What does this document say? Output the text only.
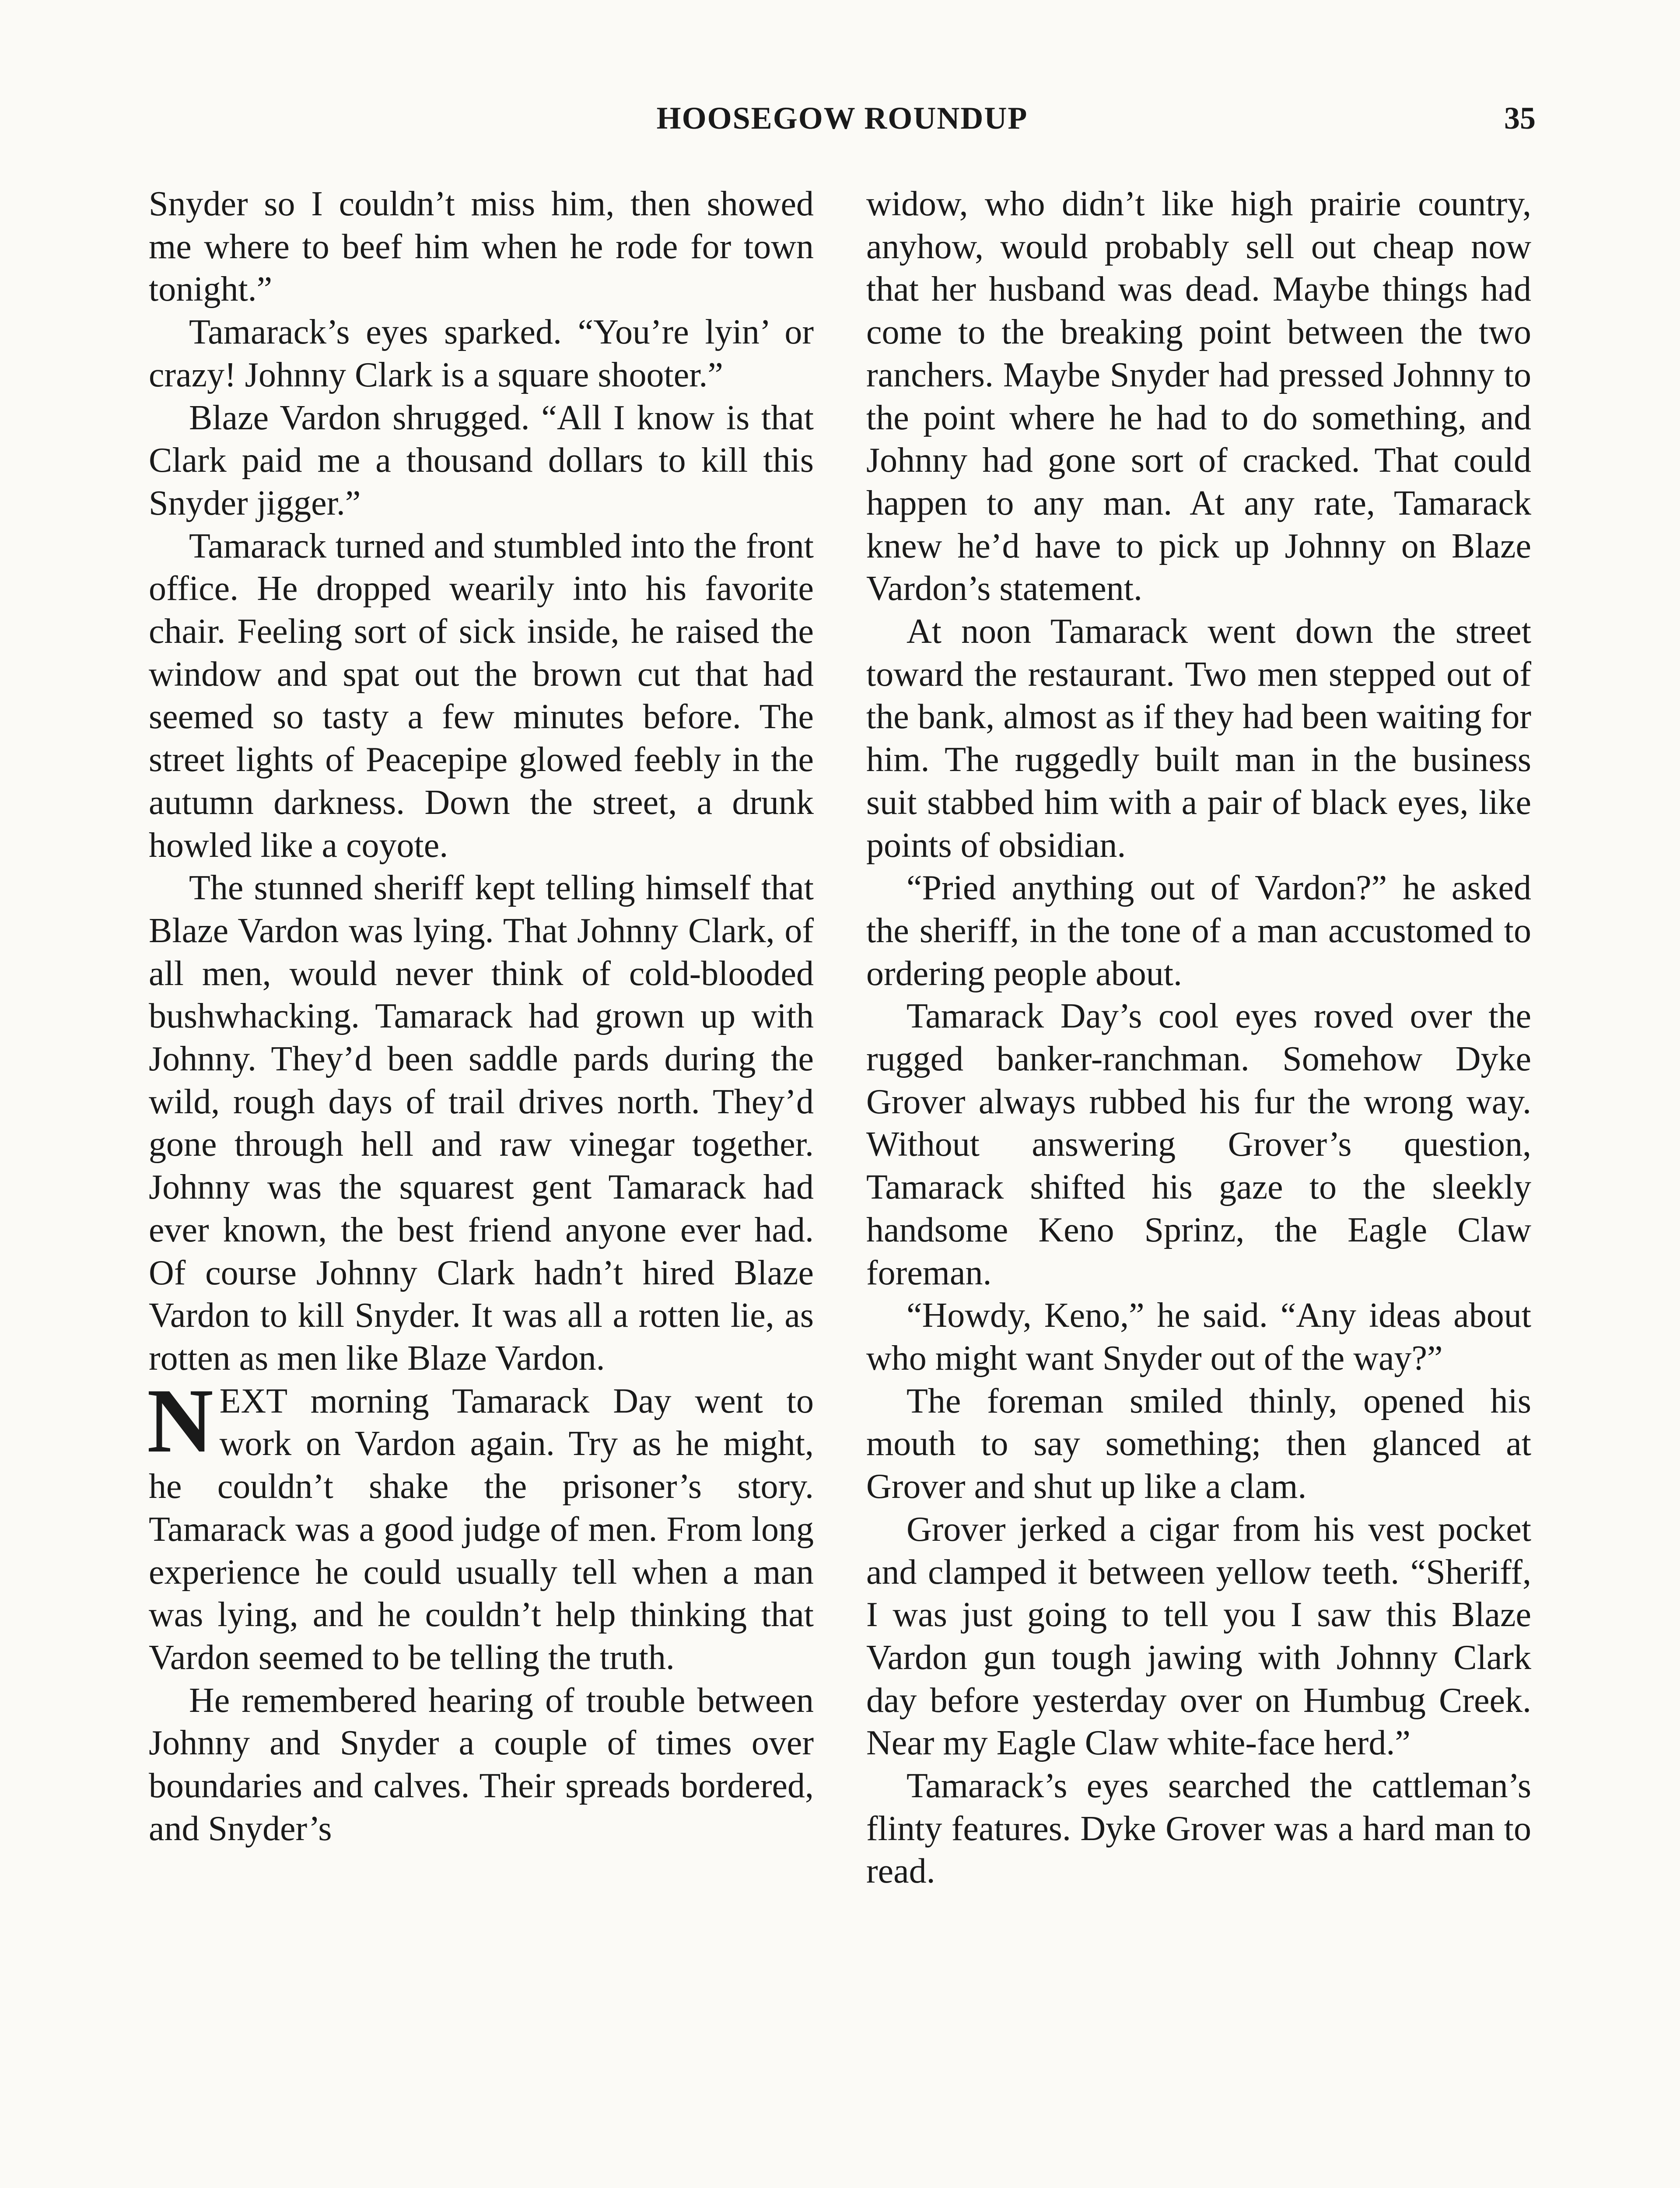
HOOSEGOW ROUNDUP	35

Snyder so I couldn’t miss him, then showed me where to beef him when he rode for town tonight.”

Tamarack’s eyes sparked. “You’re lyin’ or crazy! Johnny Clark is a square shooter.”

Blaze Vardon shrugged. “All I know is that Clark paid me a thousand dollars to kill this Snyder jigger.”

Tamarack turned and stumbled into the front office. He dropped wearily into his favorite chair. Feeling sort of sick inside, he raised the window and spat out the brown cut that had seemed so tasty a few minutes before. The street lights of Peacepipe glowed feebly in the autumn darkness. Down the street, a drunk howled like a coyote.

The stunned sheriff kept telling himself that Blaze Vardon was lying. That Johnny Clark, of all men, would never think of cold-blooded bushwhacking. Tamarack had grown up with Johnny. They’d been saddle pards during the wild, rough days of trail drives north. They’d gone through hell and raw vinegar together. Johnny was the squarest gent Tamarack had ever known, the best friend anyone ever had. Of course Johnny Clark hadn’t hired Blaze Vardon to kill Snyder. It was all a rotten lie, as rotten as men like Blaze Vardon.

NEXT morning Tamarack Day went to work on Vardon again. Try as he might, he couldn’t shake the prisoner’s story. Tamarack was a good judge of men. From long experience he could usually tell when a man was lying, and he couldn’t help thinking that Vardon seemed to be telling the truth.

He remembered hearing of trouble between Johnny and Snyder a couple of times over boundaries and calves. Their spreads bordered, and Snyder’s

widow, who didn’t like high prairie country, anyhow, would probably sell out cheap now that her husband was dead. Maybe things had come to the breaking point between the two ranchers. Maybe Snyder had pressed Johnny to the point where he had to do something, and Johnny had gone sort of cracked. That could happen to any man. At any rate, Tamarack knew he’d have to pick up Johnny on Blaze Vardon’s statement.

At noon Tamarack went down the street toward the restaurant. Two men stepped out of the bank, almost as if they had been waiting for him. The ruggedly built man in the business suit stabbed him with a pair of black eyes, like points of obsidian.

“Pried anything out of Vardon?” he asked the sheriff, in the tone of a man accustomed to ordering people about.

Tamarack Day’s cool eyes roved over the rugged banker-ranchman. Somehow Dyke Grover always rubbed his fur the wrong way. Without answering Grover’s question, Tamarack shifted his gaze to the sleekly handsome Keno Sprinz, the Eagle Claw foreman.

“Howdy, Keno,” he said. “Any ideas about who might want Snyder out of the way?”

The foreman smiled thinly, opened his mouth to say something; then glanced at Grover and shut up like a clam.

Grover jerked a cigar from his vest pocket and clamped it between yellow teeth. “Sheriff, I was just going to tell you I saw this Blaze Vardon gun tough jawing with Johnny Clark day before yesterday over on Humbug Creek. Near my Eagle Claw white-face herd.”

Tamarack’s eyes searched the cattleman’s flinty features. Dyke Grover was a hard man to read.
